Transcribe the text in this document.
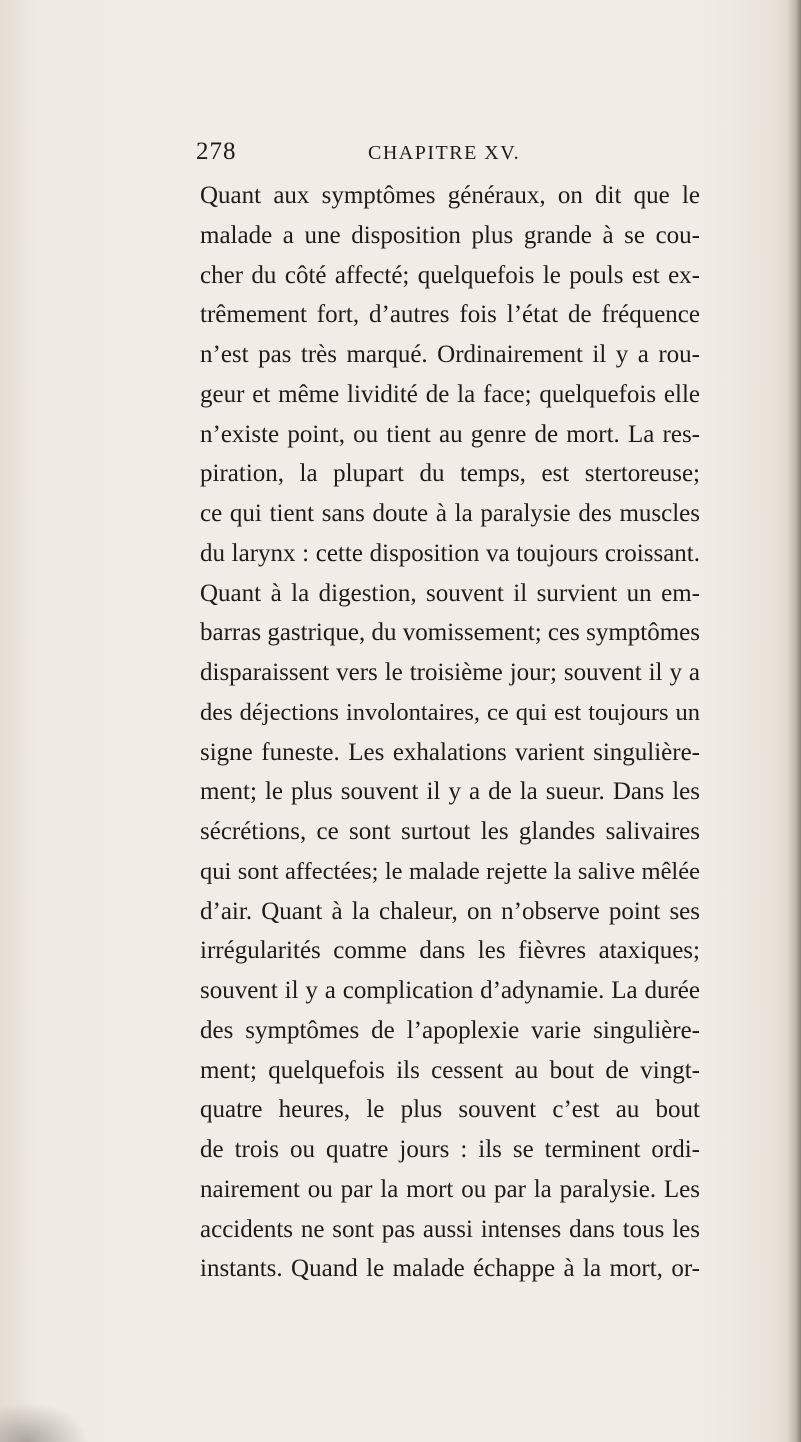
278	CHAPITRE XV.
Quant aux symptômes généraux, on dit que le
malade a une disposition plus grande à se cou-
cher du côté affecté; quelquefois le pouls est ex-
trêmement fort, d’autres fois l’état de fréquence
n’est pas très marqué. Ordinairement il y a rou-
geur et même lividité de la face; quelquefois elle
n’existe point, ou tient au genre de mort. La res-
piration, la plupart du temps, est stertoreuse;
ce qui tient sans doute à la paralysie des muscles
du larynx : cette disposition va toujours croissant.
Quant à la digestion, souvent il survient un em-
barras gastrique, du vomissement; ces symptômes
disparaissent vers le troisième jour; souvent il y a
des déjections involontaires, ce qui est toujours un
signe funeste. Les exhalations varient singulière-
ment; le plus souvent il y a de la sueur. Dans les
sécrétions, ce sont surtout les glandes salivaires
qui sont affectées; le malade rejette la salive mêlée
d’air. Quant à la chaleur, on n’observe point ses
irrégularités comme dans les fièvres ataxiques;
souvent il y a complication d’adynamie. La durée
des symptômes de l’apoplexie varie singulière-
ment; quelquefois ils cessent au bout de vingt-
quatre heures, le plus souvent c’est au bout
de trois ou quatre jours : ils se terminent ordi-
nairement ou par la mort ou par la paralysie. Les
accidents ne sont pas aussi intenses dans tous les
instants. Quand le malade échappe à la mort, or-
